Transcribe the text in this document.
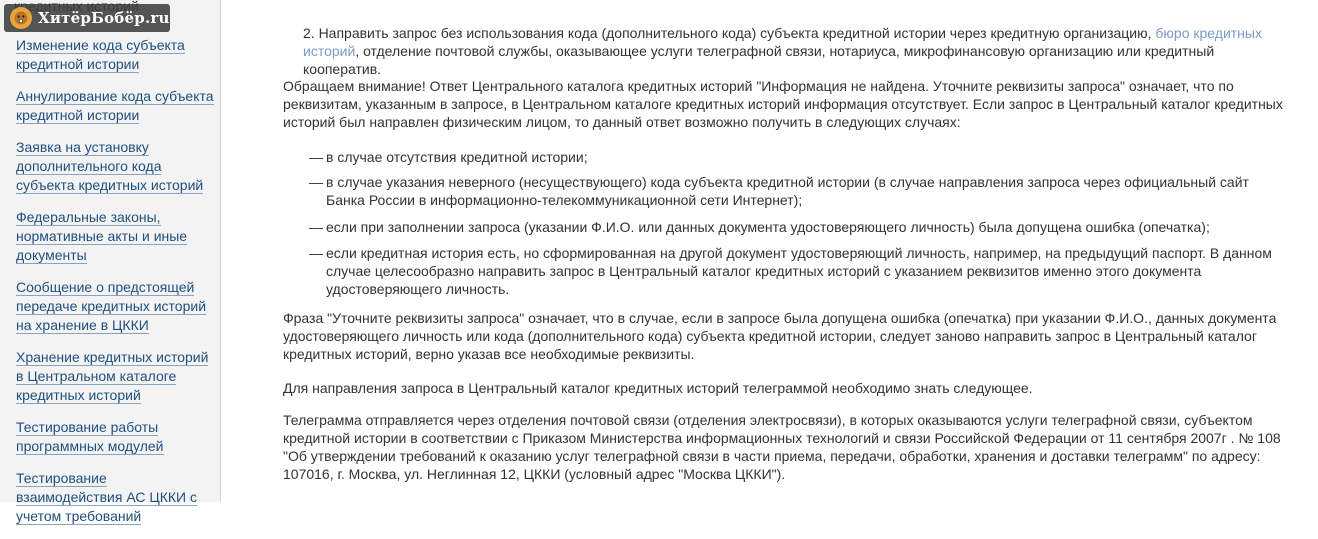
Изменение кода субъекта кредитной истории
Аннулирование кода субъекта кредитной истории
Заявка на установку дополнительного кода субъекта кредитных историй
Федеральные законы, нормативные акты и иные документы
Сообщение о предстоящей передаче кредитных историй на хранение в ЦККИ
Хранение кредитных историй в Центральном каталоге кредитных историй
Тестирование работы программных модулей
Тестирование взаимодействия АС ЦККИ с учетом требований
ХитёрБобёр.ru

2. Направить запрос без использования кода (дополнительного кода) субъекта кредитной истории через кредитную организацию, бюро кредитных историй, отделение почтовой службы, оказывающее услуги телеграфной связи, нотариуса, микрофинансовую организацию или кредитный кооператив.

Обращаем внимание! Ответ Центрального каталога кредитных историй "Информация не найдена. Уточните реквизиты запроса" означает, что по реквизитам, указанным в запросе, в Центральном каталоге кредитных историй информация отсутствует. Если запрос в Центральный каталог кредитных историй был направлен физическим лицом, то данный ответ возможно получить в следующих случаях:

— в случае отсутствия кредитной истории;
— в случае указания неверного (несуществующего) кода субъекта кредитной истории (в случае направления запроса через официальный сайт Банка России в информационно-телекоммуникационной сети Интернет);
— если при заполнении запроса (указании Ф.И.О. или данных документа удостоверяющего личность) была допущена ошибка (опечатка);
— если кредитная история есть, но сформированная на другой документ удостоверяющий личность, например, на предыдущий паспорт. В данном случае целесообразно направить запрос в Центральный каталог кредитных историй с указанием реквизитов именно этого документа удостоверяющего личность.

Фраза "Уточните реквизиты запроса" означает, что в случае, если в запросе была допущена ошибка (опечатка) при указании Ф.И.О., данных документа удостоверяющего личность или кода (дополнительного кода) субъекта кредитной истории, следует заново направить запрос в Центральный каталог кредитных историй, верно указав все необходимые реквизиты.

Для направления запроса в Центральный каталог кредитных историй телеграммой необходимо знать следующее.

Телеграмма отправляется через отделения почтовой связи (отделения электросвязи), в которых оказываются услуги телеграфной связи, субъектом кредитной истории в соответствии с Приказом Министерства информационных технологий и связи Российской Федерации от 11 сентября 2007г . № 108 "Об утверждении требований к оказанию услуг телеграфной связи в части приема, передачи, обработки, хранения и доставки телеграмм" по адресу: 107016, г. Москва, ул. Неглинная 12, ЦККИ (условный адрес "Москва ЦККИ").
